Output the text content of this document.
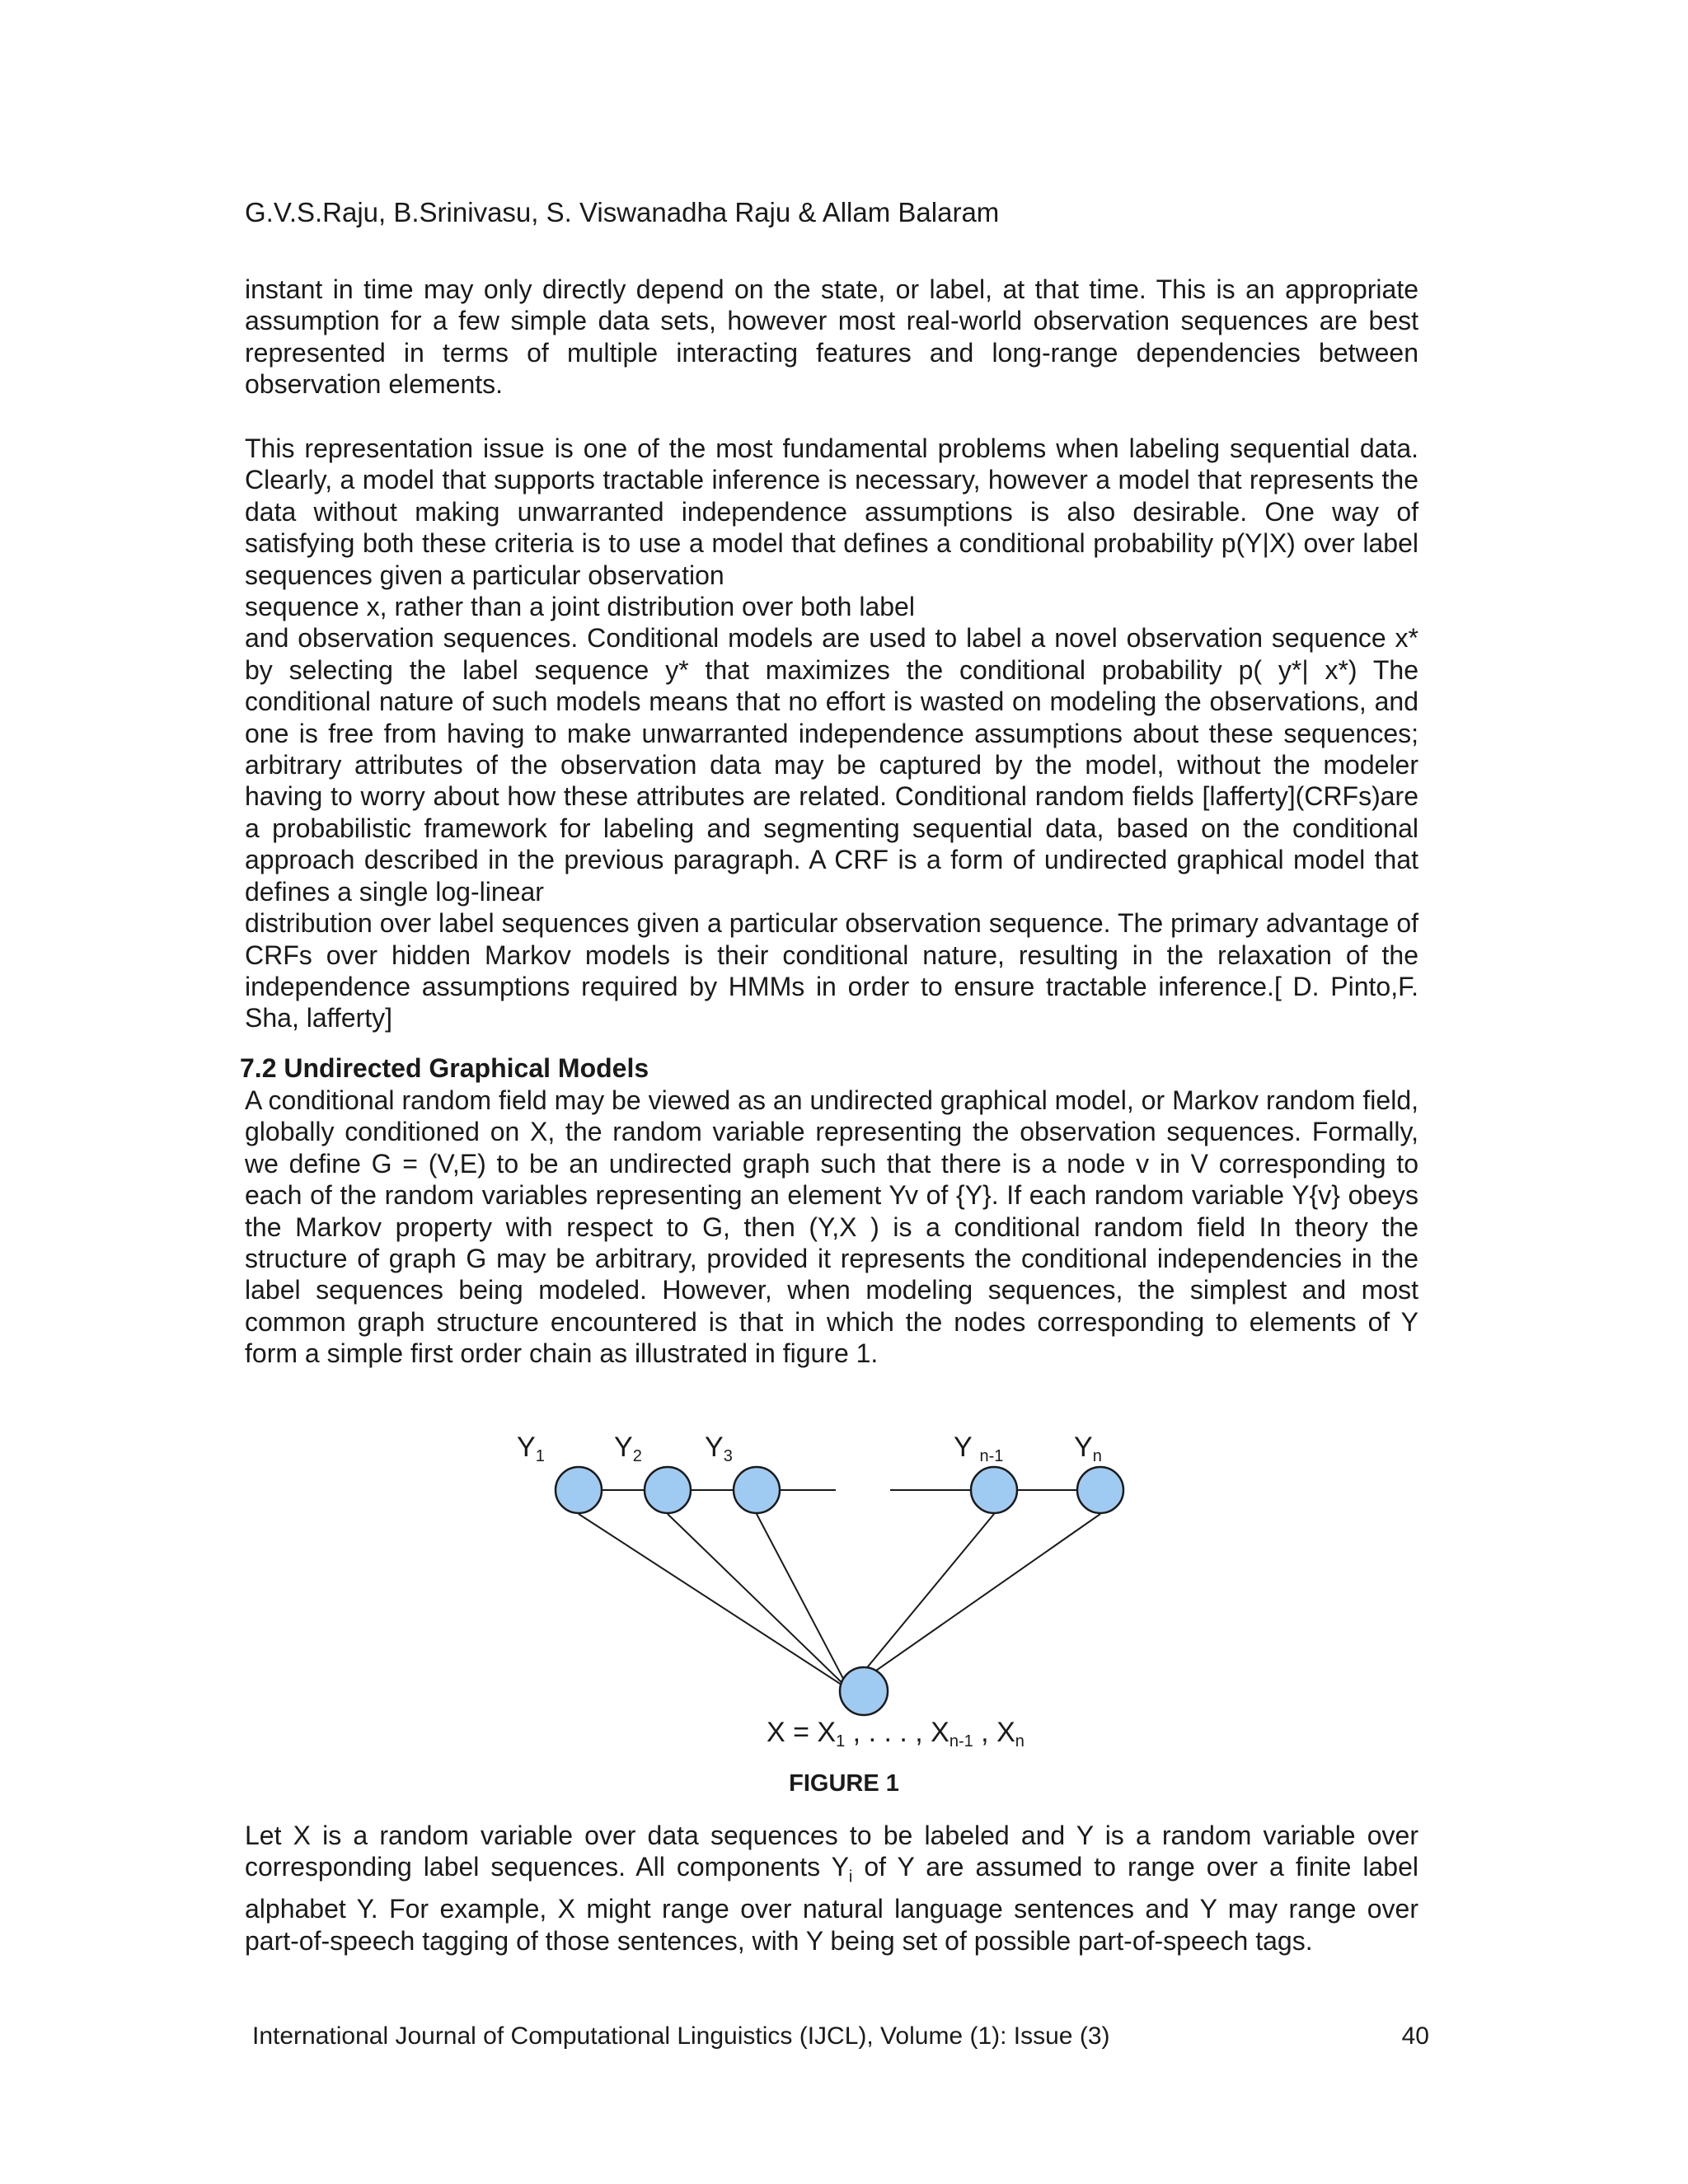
G.V.S.Raju, B.Srinivasu, S. Viswanadha Raju & Allam Balaram

instant in time may only directly depend on the state, or label, at that time. This is an appropriate assumption for a few simple data sets, however most real-world observation sequences are best represented in terms of multiple interacting features and long-range dependencies between observation elements.

This representation issue is one of the most fundamental problems when labeling sequential data. Clearly, a model that supports tractable inference is necessary, however a model that represents the data without making unwarranted independence assumptions is also desirable. One way of satisfying both these criteria is to use a model that defines a conditional probability p(Y|X) over label sequences given a particular observation

sequence x, rather than a joint distribution over both label

and observation sequences. Conditional models are used to label a novel observation sequence x* by selecting the label sequence y* that maximizes the conditional probability p( y*| x*) The conditional nature of such models means that no effort is wasted on modeling the observations, and one is free from having to make unwarranted independence assumptions about these sequences; arbitrary attributes of the observation data may be captured by the model, without the modeler having to worry about how these attributes are related. Conditional random fields [lafferty](CRFs)are a probabilistic framework for labeling and segmenting sequential data, based on the conditional approach described in the previous paragraph. A CRF is a form of undirected graphical model that defines a single log-linear

distribution over label sequences given a particular observation sequence. The primary advantage of CRFs over hidden Markov models is their conditional nature, resulting in the relaxation of the independence assumptions required by HMMs in order to ensure tractable inference.[ D. Pinto,F. Sha, lafferty]

7.2 Undirected Graphical Models

A conditional random field may be viewed as an undirected graphical model, or Markov random field, globally conditioned on X, the random variable representing the observation sequences. Formally, we define G = (V,E) to be an undirected graph such that there is a node v in V corresponding to each of the random variables representing an element Yv of {Y}. If each random variable Y{v} obeys the Markov property with respect to G, then (Y,X ) is a conditional random field In theory the structure of graph G may be arbitrary, provided it represents the conditional independencies in the label sequences being modeled. However, when modeling sequences, the simplest and most common graph structure encountered is that in which the nodes corresponding to elements of Y form a simple first order chain as illustrated in figure 1.

Y1 Y2 Y3	Y n-1	Yn
X = X1 , . . . , Xn-1 , Xn
FIGURE 1

Let X is a random variable over data sequences to be labeled and Y is a random variable over corresponding label sequences. All components $Y_i$ of Y are assumed to range over a finite label alphabet Y. For example, X might range over natural language sentences and Y may range over part-of-speech tagging of those sentences, with Y being set of possible part-of-speech tags.

International Journal of Computational Linguistics (IJCL), Volume (1): Issue (3)	40
